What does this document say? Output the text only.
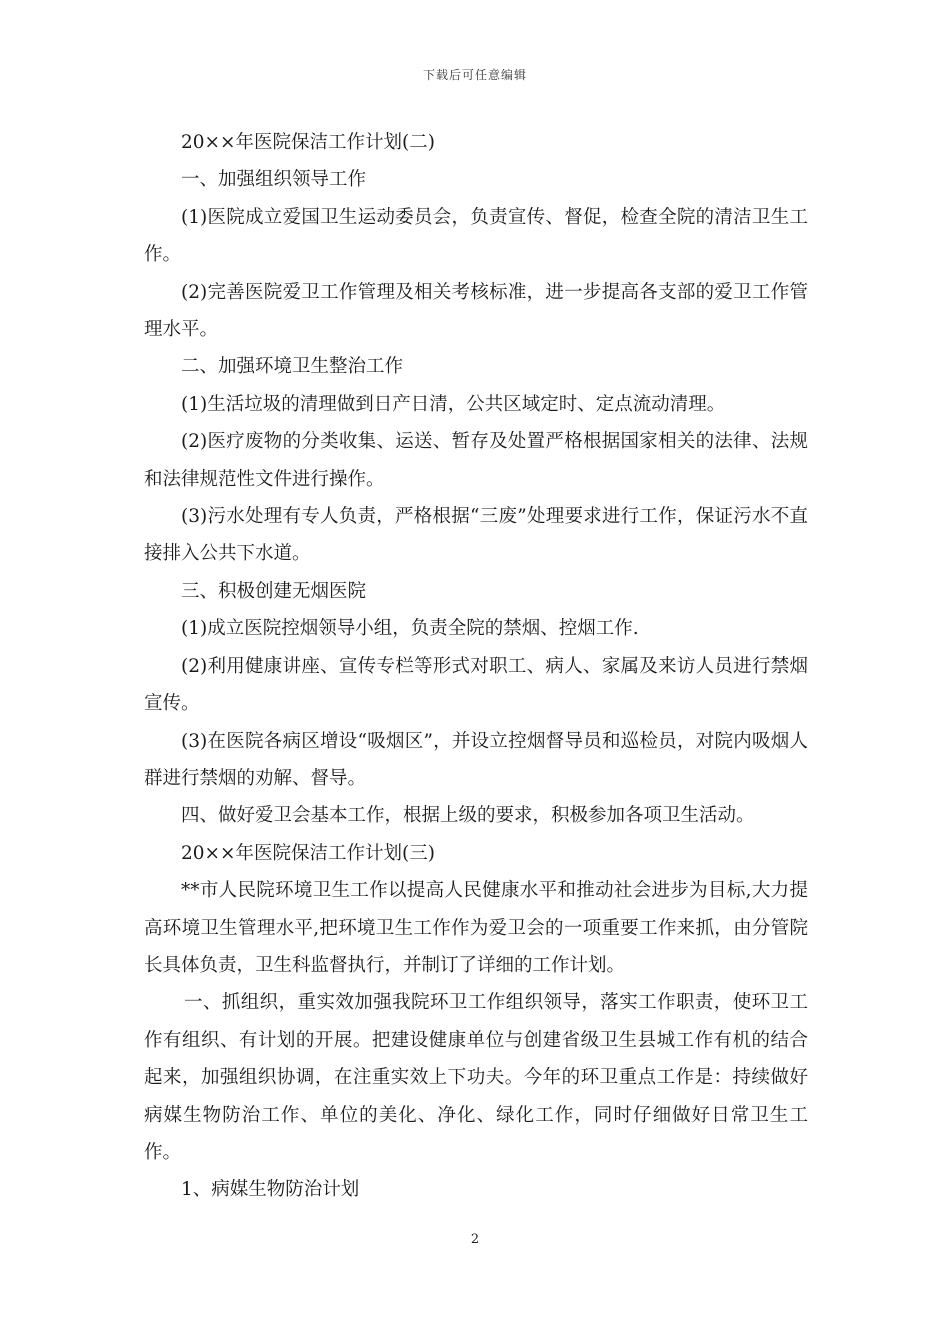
下载后可任意编辑

20××年医院保洁工作计划(二)

一、加强组织领导工作

(1)医院成立爱国卫生运动委员会，负责宣传、督促，检查全院的清洁卫生工作。

(2)完善医院爱卫工作管理及相关考核标准，进一步提高各支部的爱卫工作管理水平。

二、加强环境卫生整治工作

(1)生活垃圾的清理做到日产日清，公共区域定时、定点流动清理。

(2)医疗废物的分类收集、运送、暂存及处置严格根据国家相关的法律、法规和法律规范性文件进行操作。

(3)污水处理有专人负责，严格根据“三废”处理要求进行工作，保证污水不直接排入公共下水道。

三、积极创建无烟医院

(1)成立医院控烟领导小组，负责全院的禁烟、控烟工作.

(2)利用健康讲座、宣传专栏等形式对职工、病人、家属及来访人员进行禁烟宣传。

(3)在医院各病区增设“吸烟区”，并设立控烟督导员和巡检员，对院内吸烟人群进行禁烟的劝解、督导。

四、做好爱卫会基本工作，根据上级的要求，积极参加各项卫生活动。

20××年医院保洁工作计划(三)

**市人民院环境卫生工作以提高人民健康水平和推动社会进步为目标,大力提高环境卫生管理水平,把环境卫生工作作为爱卫会的一项重要工作来抓，由分管院长具体负责，卫生科监督执行，并制订了详细的工作计划。

一、抓组织，重实效加强我院环卫工作组织领导，落实工作职责，使环卫工作有组织、有计划的开展。把建设健康单位与创建省级卫生县城工作有机的结合起来，加强组织协调，在注重实效上下功夫。今年的环卫重点工作是：持续做好病媒生物防治工作、单位的美化、净化、绿化工作，同时仔细做好日常卫生工作。

1、病媒生物防治计划

2
